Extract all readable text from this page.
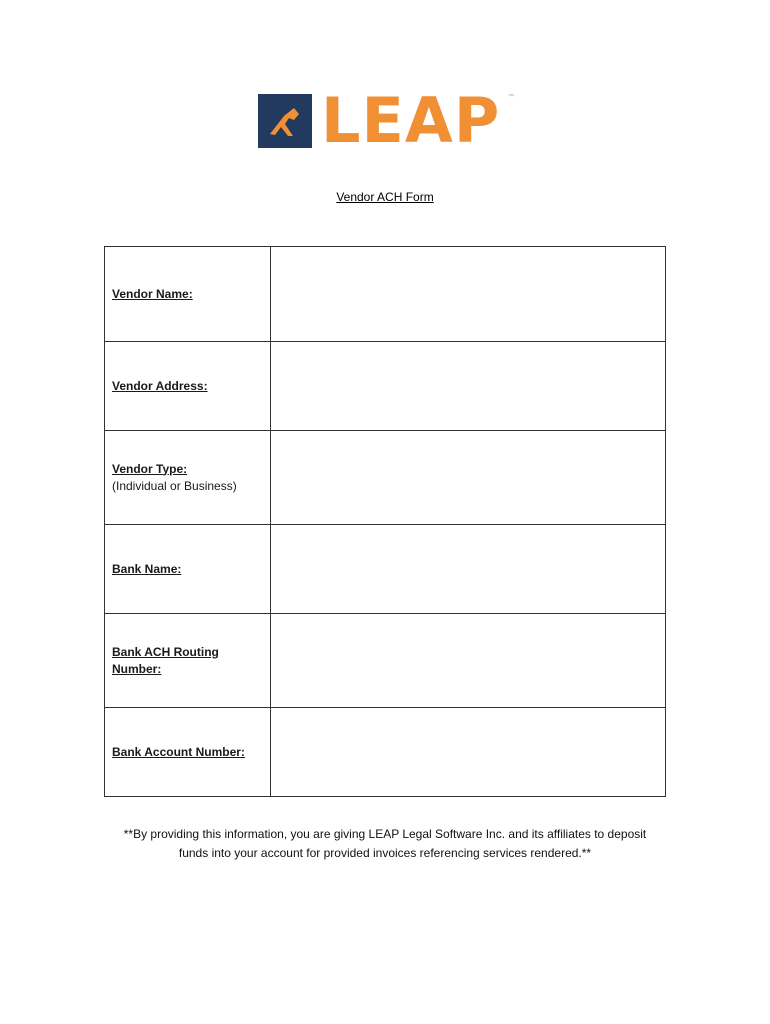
LEAP ™
Vendor ACH Form
Vendor Name:	
Vendor Address:	
Vendor Type:
(Individual or Business)	

Bank Name:	
Bank ACH Routing Number:	
Bank Account Number:	
**By providing this information, you are giving LEAP Legal Software Inc. and its affiliates to deposit
funds into your account for provided invoices referencing services rendered.**
